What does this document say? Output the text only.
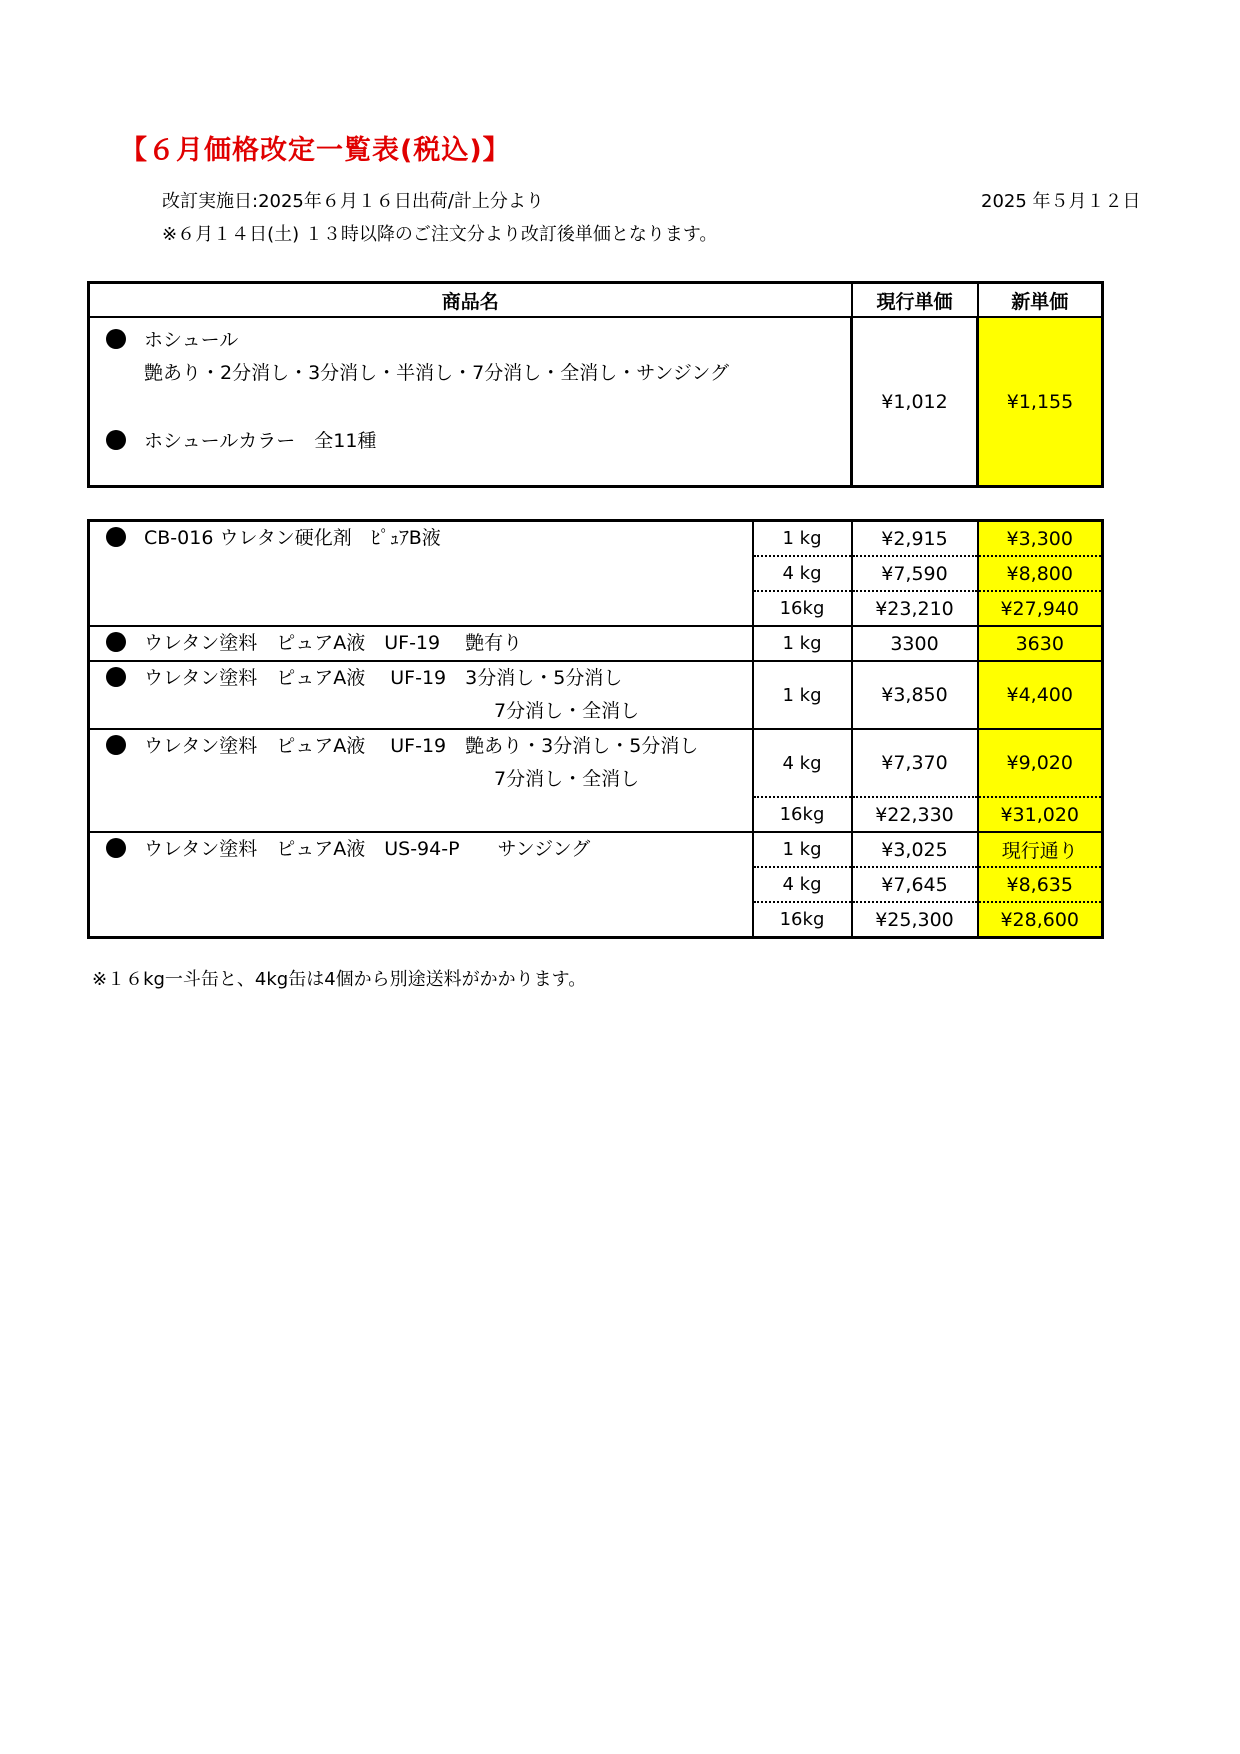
【６月価格改定一覧表(税込)】
改訂実施日:2025年６月１６日出荷/計上分より	2025 年５月１２日
※６月１４日(土) １３時以降のご注文分より改訂後単価となります。
商品名	現行単価	新単価

ホシュール
艶あり・2分消し・3分消し・半消し・7分消し・全消し・サンジング
ホシュールカラー　全11種	¥1,012	¥1,155
CB-016 ウレタン硬化剤　ﾋﾟｭｱB液	1 kg	¥2,915	¥3,300
	4 kg	¥7,590	¥8,800
	16kg	¥23,210	¥27,940

ウレタン塗料　ピュアA液　UF-19　 艶有り	1 kg	3300	3630

ウレタン塗料　ピュアA液　 UF-19　3分消し・5分消し
7分消し・全消し	1 kg	¥3,850	¥4,400

ウレタン塗料　ピュアA液　 UF-19　艶あり・3分消し・5分消し
7分消し・全消し	4 kg	¥7,370	¥9,020
	16kg	¥22,330	¥31,020

ウレタン塗料　ピュアA液　US-94-P　　サンジング	1 kg	¥3,025	現行通り
	4 kg	¥7,645	¥8,635
	16kg	¥25,300	¥28,600
※１６kg一斗缶と、4kg缶は4個から別途送料がかかります。
